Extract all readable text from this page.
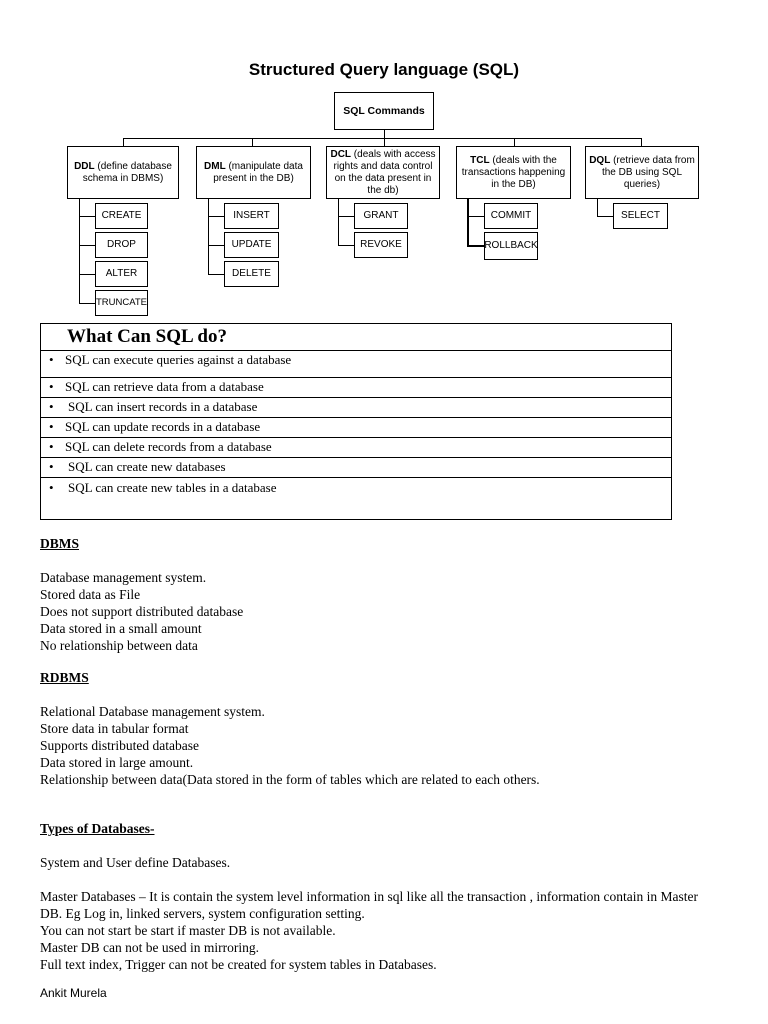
Structured Query language (SQL)
SQL Commands
DDL (define database schema in DBMS)
DML (manipulate data present in the DB)
DCL (deals with access rights and data control on the data present in the db)
TCL (deals with the transactions happening in the DB)
DQL (retrieve data from the DB using SQL queries)
CREATE
DROP
ALTER
TRUNCATE
INSERT
UPDATE
DELETE
GRANT
REVOKE
COMMIT
ROLLBACK
SELECT
What Can SQL do?
• SQL can execute queries against a database
• SQL can retrieve data from a database
•	SQL can insert records in a database
• SQL can update records in a database
• SQL can delete records from a database
•	SQL can create new databases
•	SQL can create new tables in a database
DBMS
Database management system.
Stored data as File
Does not support distributed database
Data stored in a small amount
No relationship between data
RDBMS
Relational Database management system.
Store data in tabular format
Supports distributed database
Data stored in large amount.
Relationship between data(Data stored in the form of tables which are related to each others.
Types of Databases-
System and User define Databases.
Master Databases – It is contain the system level information in sql like all the transaction , information contain in Master DB. Eg Log in, linked servers, system configuration setting.
You can not start be start if master DB is not available.
Master DB can not be used in mirroring.
Full text index, Trigger can not be created for system tables in Databases.
Ankit Murela
